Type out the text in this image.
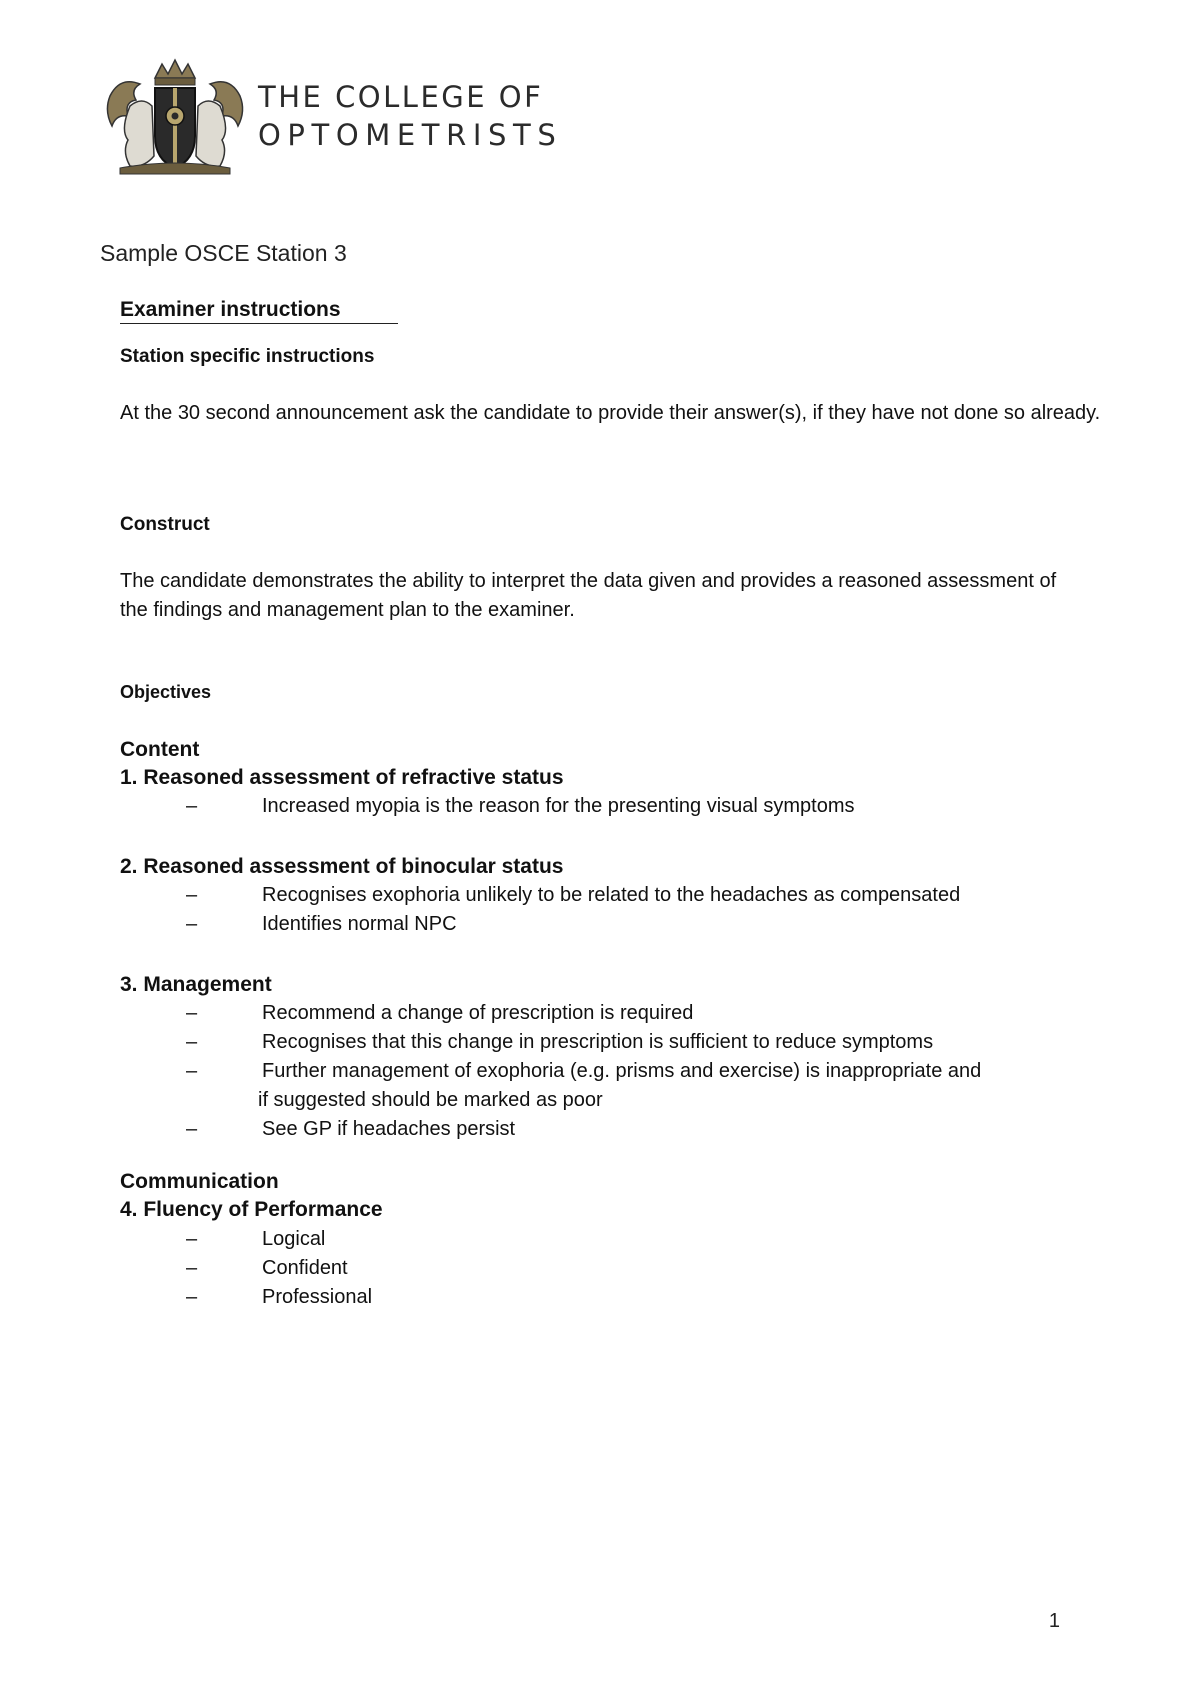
THE COLLEGE OF
OPTOMETRISTS
Sample OSCE Station 3
Examiner instructions
Station specific instructions
At the 30 second announcement ask the candidate to provide their answer(s), if they have not done so already.
Construct
The candidate demonstrates the ability to interpret the data given and provides a reasoned assessment of the findings and management plan to the examiner.
Objectives
Content
1. Reasoned assessment of refractive status
–	Increased myopia is the reason for the presenting visual symptoms
2. Reasoned assessment of binocular status
–	Recognises exophoria unlikely to be related to the headaches as compensated
–	Identifies normal NPC
3. Management
–	Recommend a change of prescription is required
–	Recognises that this change in prescription is sufficient to reduce symptoms
–	Further management of exophoria (e.g. prisms and exercise) is inappropriate and
if suggested should be marked as poor
–	See GP if headaches persist
Communication
4. Fluency of Performance
–	Logical
–	Confident
–	Professional
1
